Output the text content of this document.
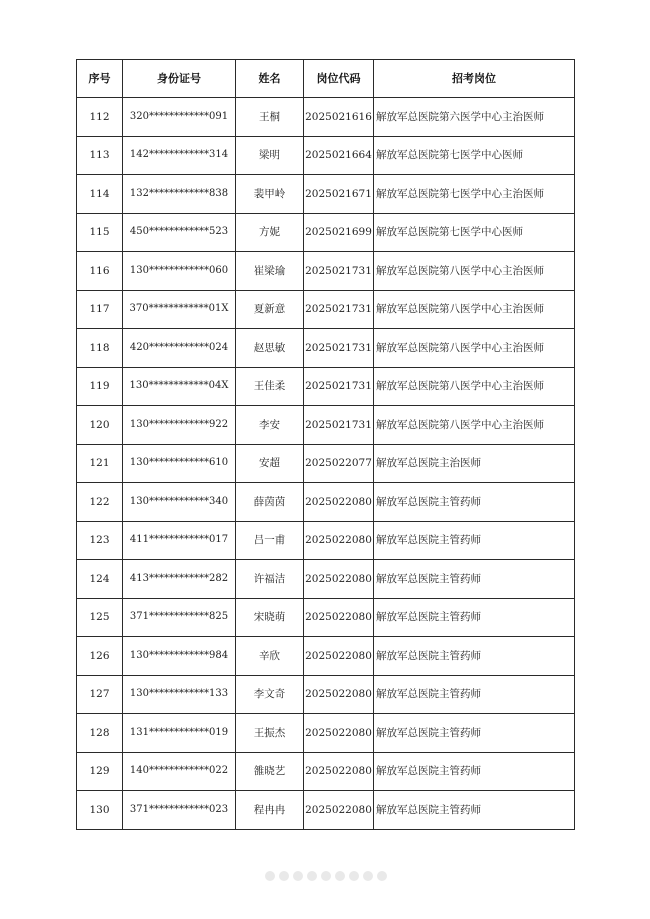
序号	身份证号	姓名	岗位代码	招考岗位
112	320************091	王桐	2025021616	解放军总医院第六医学中心主治医师
113	142************314	梁明	2025021664	解放军总医院第七医学中心医师
114	132************838	裴甲岭	2025021671	解放军总医院第七医学中心主治医师
115	450************523	方妮	2025021699	解放军总医院第七医学中心医师
116	130************060	崔梁瑜	2025021731	解放军总医院第八医学中心主治医师
117	370************01X	夏新意	2025021731	解放军总医院第八医学中心主治医师
118	420************024	赵思敏	2025021731	解放军总医院第八医学中心主治医师
119	130************04X	王佳柔	2025021731	解放军总医院第八医学中心主治医师
120	130************922	李安	2025021731	解放军总医院第八医学中心主治医师
121	130************610	安超	2025022077	解放军总医院主治医师
122	130************340	薛茵茵	2025022080	解放军总医院主管药师
123	411************017	吕一甫	2025022080	解放军总医院主管药师
124	413************282	许福洁	2025022080	解放军总医院主管药师
125	371************825	宋晓萌	2025022080	解放军总医院主管药师
126	130************984	辛欣	2025022080	解放军总医院主管药师
127	130************133	李文奇	2025022080	解放军总医院主管药师
128	131************019	王振杰	2025022080	解放军总医院主管药师
129	140************022	雒晓艺	2025022080	解放军总医院主管药师
130	371************023	程冉冉	2025022080	解放军总医院主管药师
